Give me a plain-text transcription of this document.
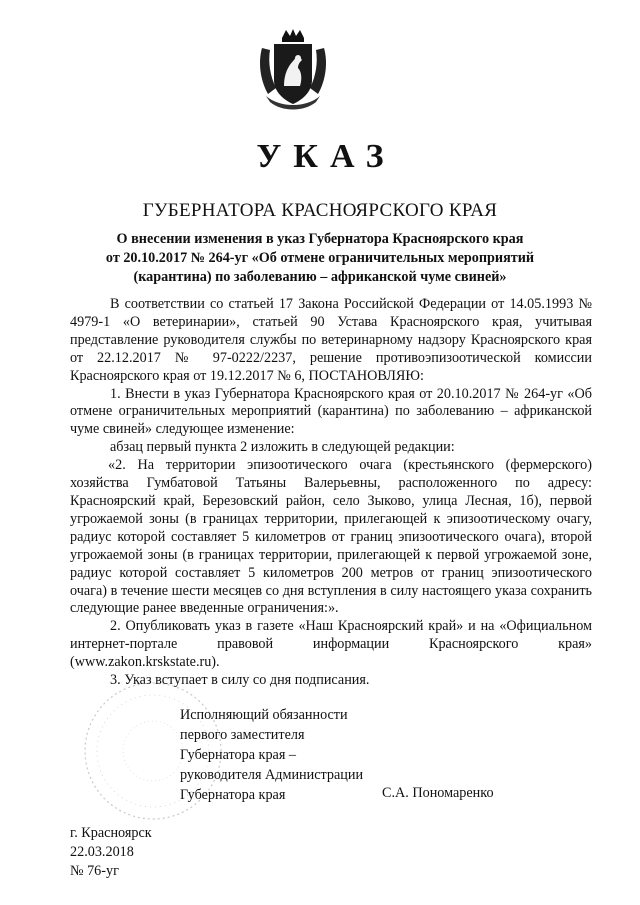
УКАЗ
ГУБЕРНАТОРА КРАСНОЯРСКОГО КРАЯ
О внесении изменения в указ Губернатора Красноярского края
от 20.10.2017 № 264-уг «Об отмене ограничительных мероприятий
(карантина) по заболеванию – африканской чуме свиней»

В соответствии со статьей 17 Закона Российской Федерации от 14.05.1993 № 4979-1 «О ветеринарии», статьей 90 Устава Красноярского края, учитывая представление руководителя службы по ветеринарному надзору Красноярского края от 22.12.2017 № 97-0222/2237, решение противоэпизоотической комиссии Красноярского края от 19.12.2017 № 6, ПОСТАНОВЛЯЮ:

1. Внести в указ Губернатора Красноярского края от 20.10.2017 № 264-уг «Об отмене ограничительных мероприятий (карантина) по заболеванию – африканской чуме свиней» следующее изменение:

абзац первый пункта 2 изложить в следующей редакции:

«2. На территории эпизоотического очага (крестьянского (фермерского) хозяйства Гумбатовой Татьяны Валерьевны, расположенного по адресу: Красноярский край, Березовский район, село Зыково, улица Лесная, 1б), первой угрожаемой зоны (в границах территории, прилегающей к эпизоотическому очагу, радиус которой составляет 5 километров от границ эпизоотического очага), второй угрожаемой зоны (в границах территории, прилегающей к первой угрожаемой зоне, радиус которой составляет 5 километров 200 метров от границ эпизоотического очага) в течение шести месяцев со дня вступления в силу настоящего указа сохранить следующие ранее введенные ограничения:».

2. Опубликовать указ в газете «Наш Красноярский край» и на «Официальном интернет-портале правовой информации Красноярского края» (www.zakon.krskstate.ru).

3. Указ вступает в силу со дня подписания.

Исполняющий обязанности
первого заместителя
Губернатора края –
руководителя Администрации
Губернатора края	С.А. Пономаренко
г. Красноярск
22.03.2018
№ 76-уг
